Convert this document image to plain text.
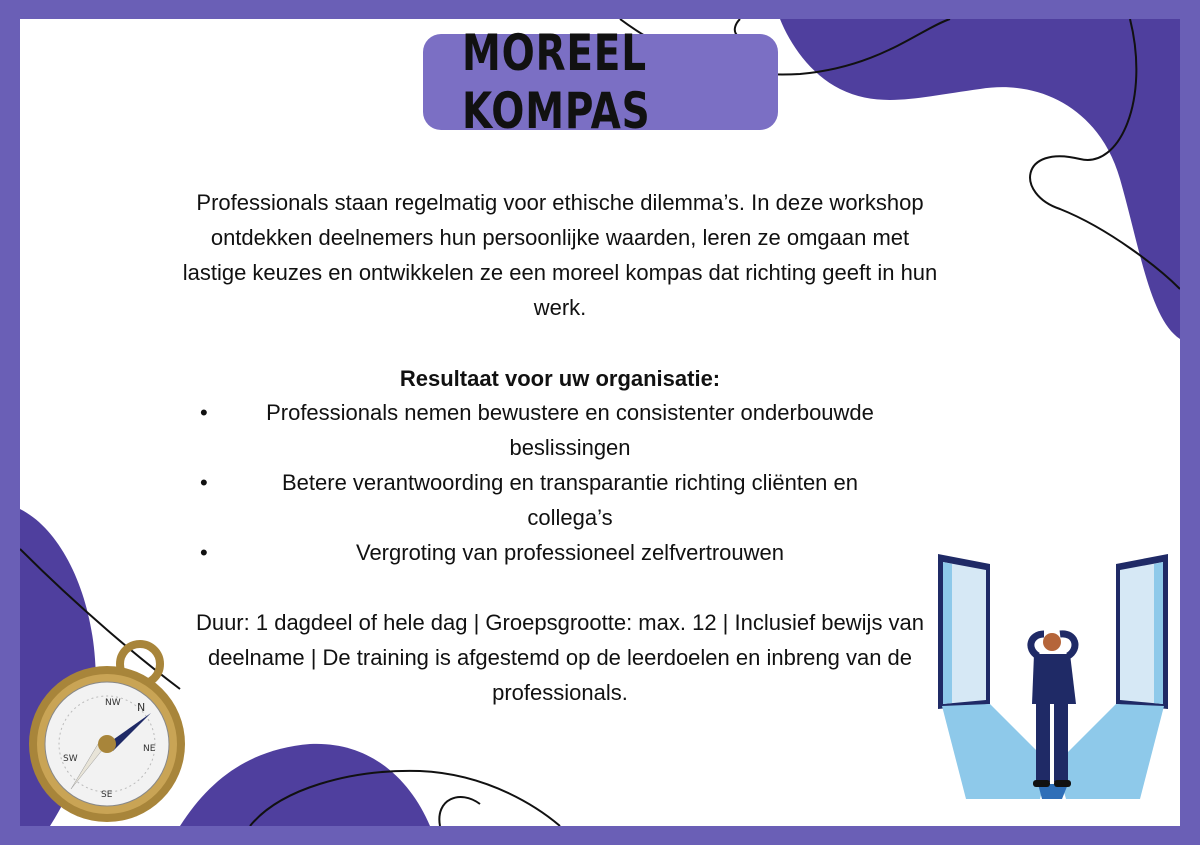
MOREEL KOMPAS
Professionals staan regelmatig voor ethische dilemma’s. In deze workshop ontdekken deelnemers hun persoonlijke waarden, leren ze omgaan met lastige keuzes en ontwikkelen ze een moreel kompas dat richting geeft in hun werk.
Resultaat voor uw organisatie:
•	Professionals nemen bewustere en consistenter onderbouwde beslissingen
•	Betere verantwoording en transparantie richting cliënten en collega’s
•	Vergroting van professioneel zelfvertrouwen
Duur: 1 dagdeel of hele dag | Groepsgrootte: max. 12 | Inclusief bewijs van deelname | De training is afgestemd op de leerdoelen en inbreng van de professionals.
N
NW
NE
SW
SE
